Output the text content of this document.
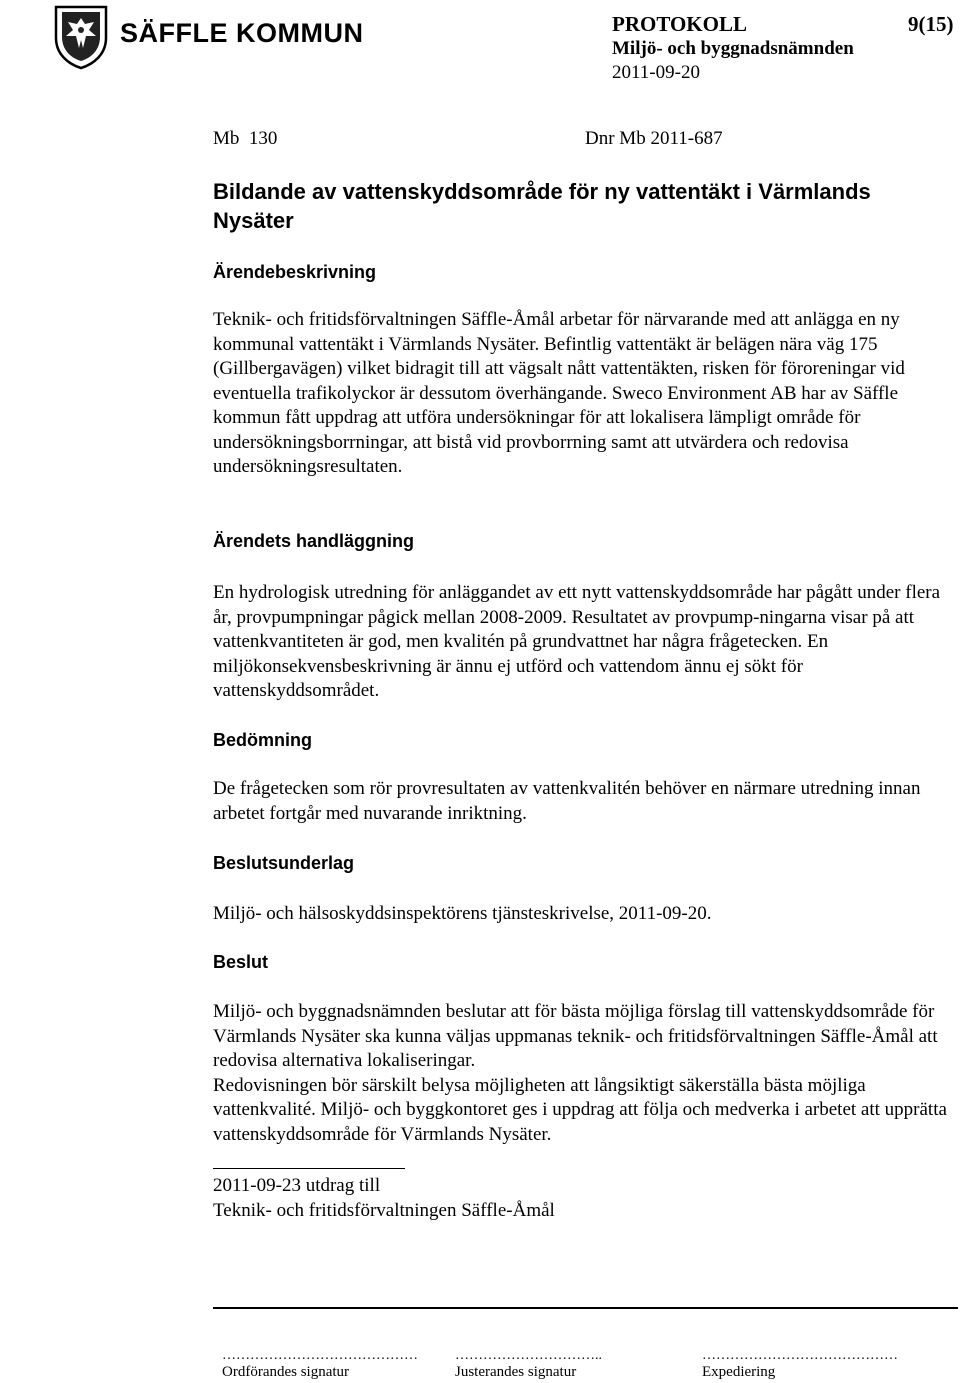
SÄFFLE KOMMUN	PROTOKOLL	9(15)
Miljö- och byggnadsnämnden
2011-09-20
Mb  130	Dnr Mb 2011-687
Bildande av vattenskyddsområde för ny vattentäkt i Värmlands Nysäter
Ärendebeskrivning

Teknik- och fritidsförvaltningen Säffle-Åmål arbetar för närvarande med att anlägga en ny kommunal vattentäkt i Värmlands Nysäter. Befintlig vattentäkt är belägen nära väg 175 (Gillbergavägen) vilket bidragit till att vägsalt nått vattentäkten, risken för föroreningar vid eventuella trafikolyckor är dessutom överhängande. Sweco Environment AB har av Säffle kommun fått uppdrag att utföra undersökningar för att lokalisera lämpligt område för undersökningsborrningar, att bistå vid provborrning samt att utvärdera och redovisa undersökningsresultaten.

Ärendets handläggning

En hydrologisk utredning för anläggandet av ett nytt vattenskyddsområde har pågått under flera år, provpumpningar pågick mellan 2008-2009. Resultatet av provpump-ningarna visar på att vattenkvantiteten är god, men kvalitén på grundvattnet har några frågetecken. En miljökonsekvensbeskrivning är ännu ej utförd och vattendom ännu ej sökt för vattenskyddsområdet.

Bedömning

De frågetecken som rör provresultaten av vattenkvalitén behöver en närmare utredning innan arbetet fortgår med nuvarande inriktning.

Beslutsunderlag

Miljö- och hälsoskyddsinspektörens tjänsteskrivelse, 2011-09-20.

Beslut

Miljö- och byggnadsnämnden beslutar att för bästa möjliga förslag till vattenskyddsområde för Värmlands Nysäter ska kunna väljas uppmanas teknik- och fritidsförvaltningen Säffle-Åmål att redovisa alternativa lokaliseringar.

Redovisningen bör särskilt belysa möjligheten att långsiktigt säkerställa bästa möjliga vattenkvalité. Miljö- och byggkontoret ges i uppdrag att följa och medverka i arbetet att upprätta vattenskyddsområde för Värmlands Nysäter.

2011-09-23 utdrag till

Teknik- och fritidsförvaltningen Säffle-Åmål

……………………………………	…………………………..	……………………………………
Ordförandes signatur	Justerandes signatur	Expediering
